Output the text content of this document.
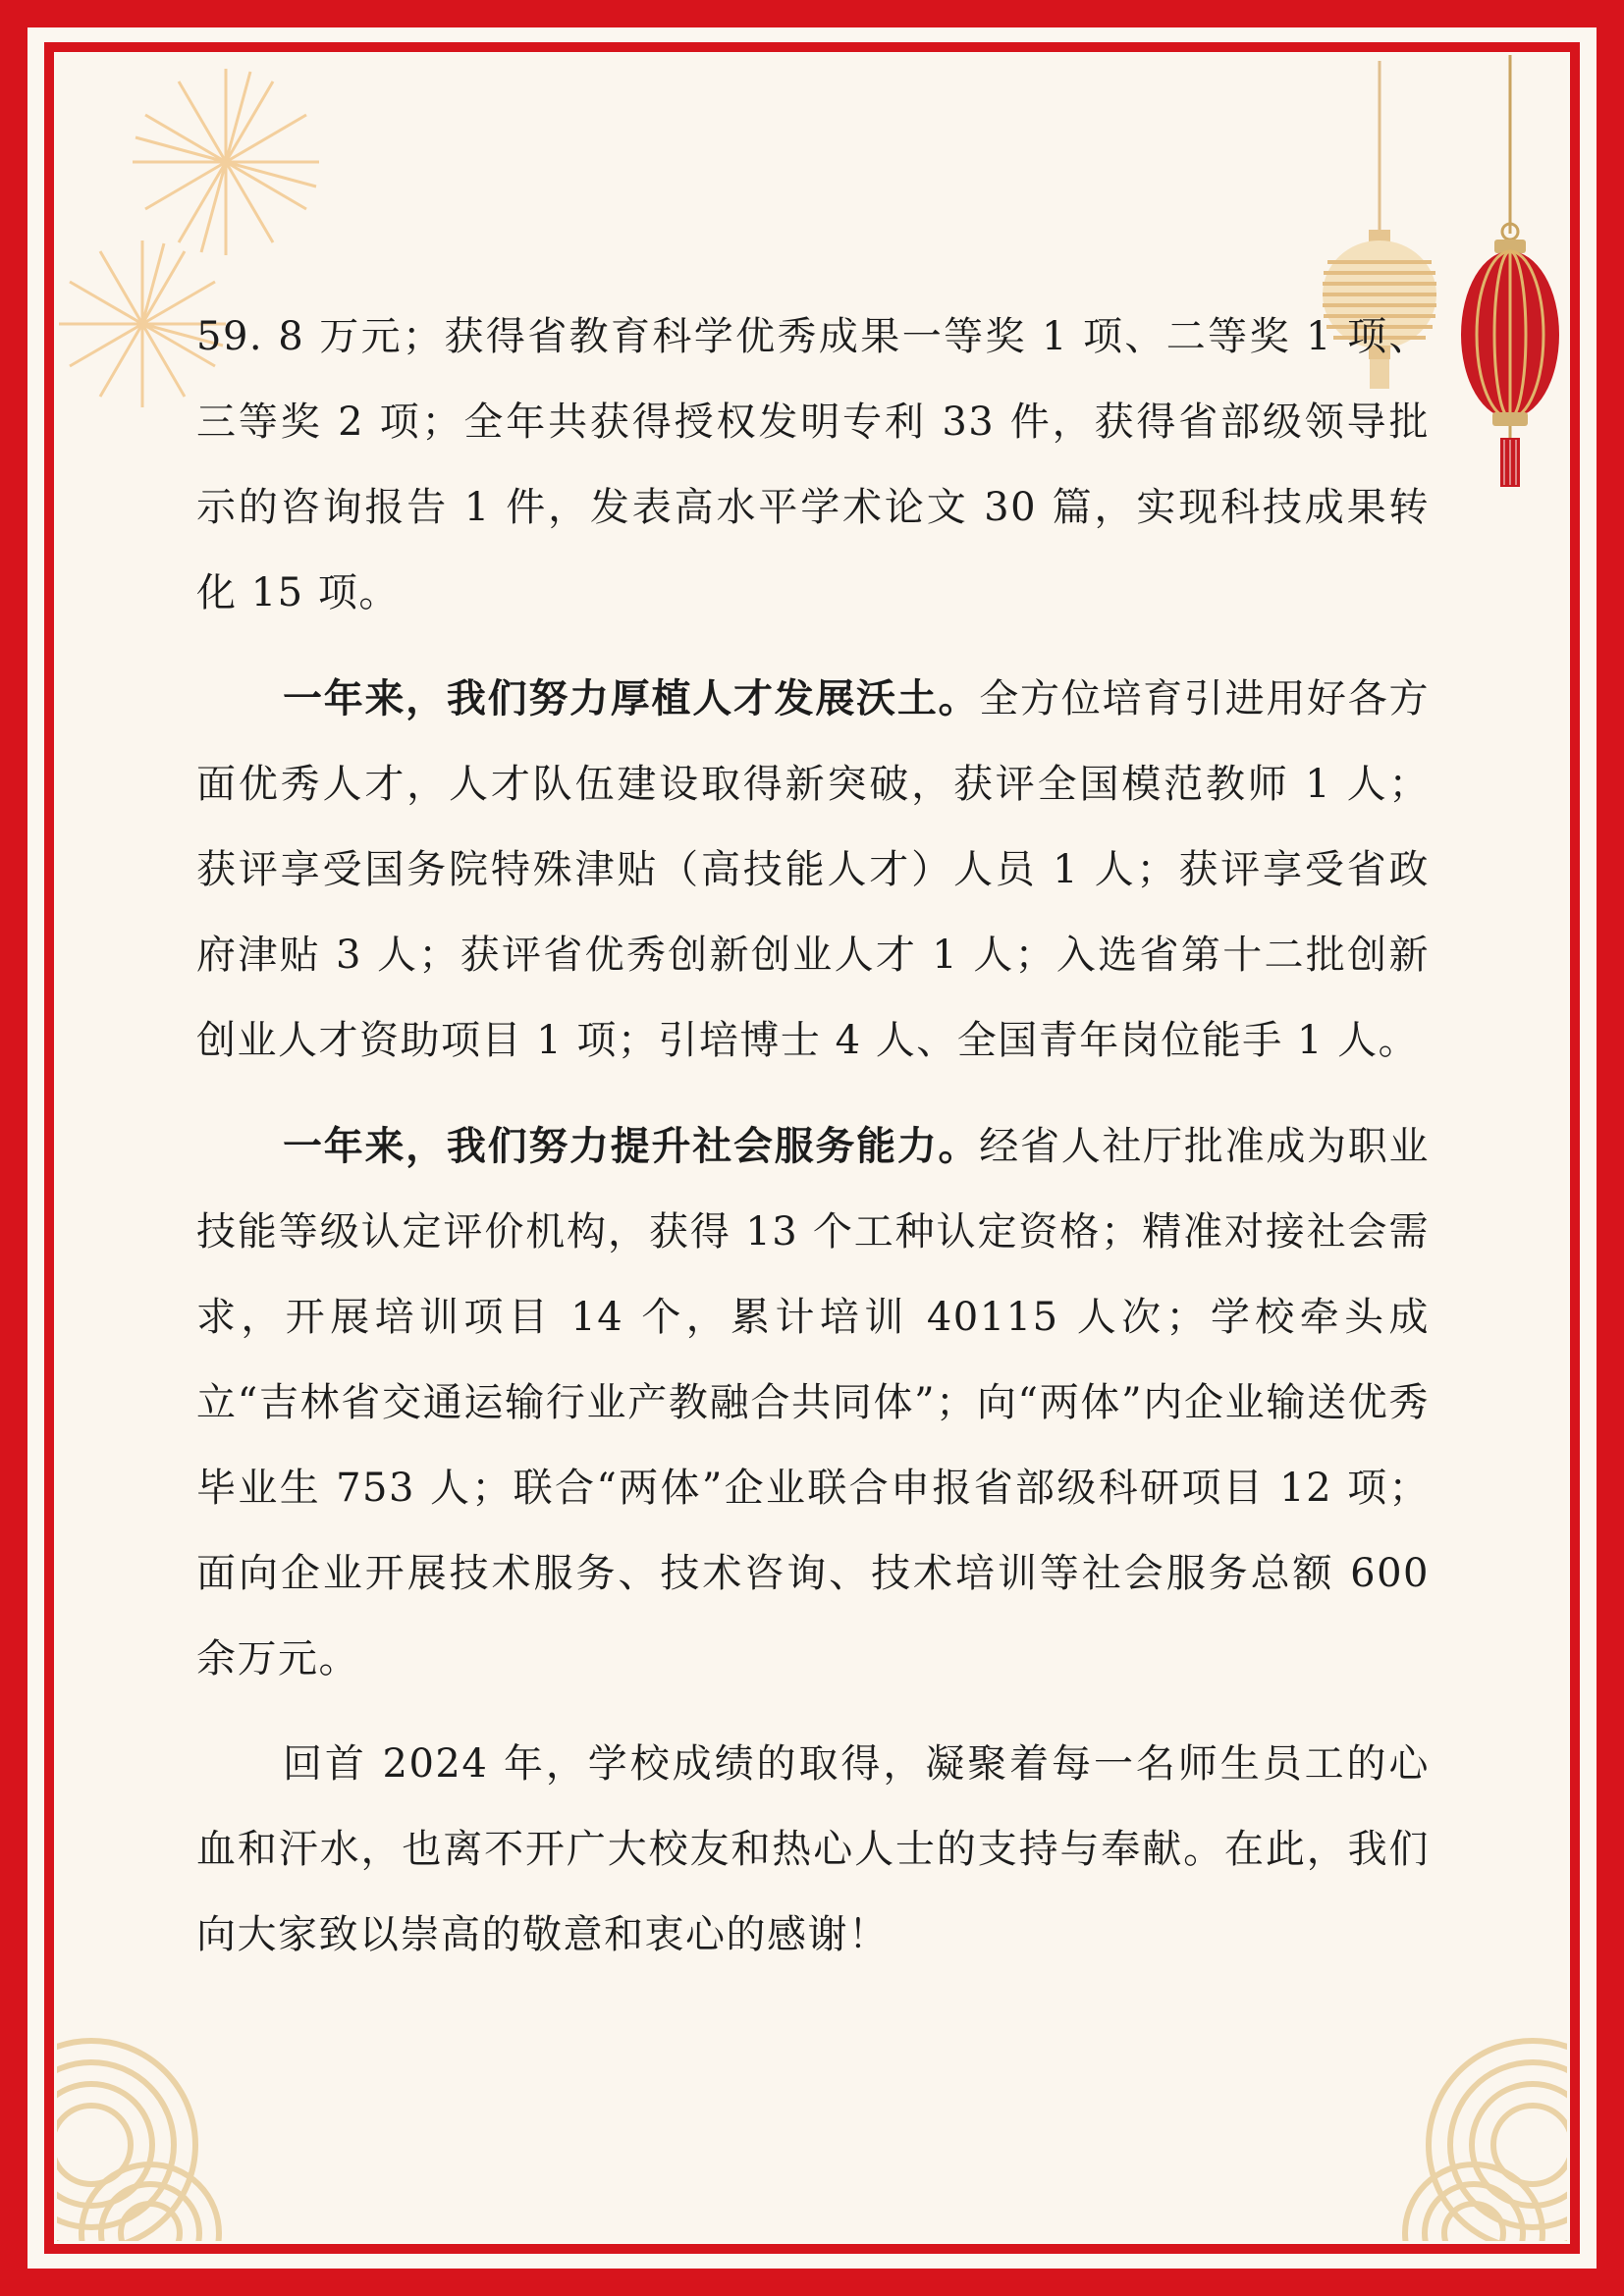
59. 8 万元；获得省教育科学优秀成果一等奖 1 项、二等奖 1 项、三等奖 2 项；全年共获得授权发明专利 33 件，获得省部级领导批示的咨询报告 1 件，发表高水平学术论文 30 篇，实现科技成果转化 15 项。

一年来，我们努力厚植人才发展沃土。全方位培育引进用好各方面优秀人才，人才队伍建设取得新突破，获评全国模范教师 1 人；获评享受国务院特殊津贴（高技能人才）人员 1 人；获评享受省政府津贴 3 人；获评省优秀创新创业人才 1 人；入选省第十二批创新创业人才资助项目 1 项；引培博士 4 人、全国青年岗位能手 1 人。

一年来，我们努力提升社会服务能力。经省人社厅批准成为职业技能等级认定评价机构，获得 13 个工种认定资格；精准对接社会需求，开展培训项目 14 个，累计培训 40115 人次；学校牵头成立“吉林省交通运输行业产教融合共同体”；向“两体”内企业输送优秀毕业生 753 人；联合“两体”企业联合申报省部级科研项目 12 项；面向企业开展技术服务、技术咨询、技术培训等社会服务总额 600 余万元。

回首 2024 年，学校成绩的取得，凝聚着每一名师生员工的心血和汗水，也离不开广大校友和热心人士的支持与奉献。在此，我们向大家致以崇高的敬意和衷心的感谢！
